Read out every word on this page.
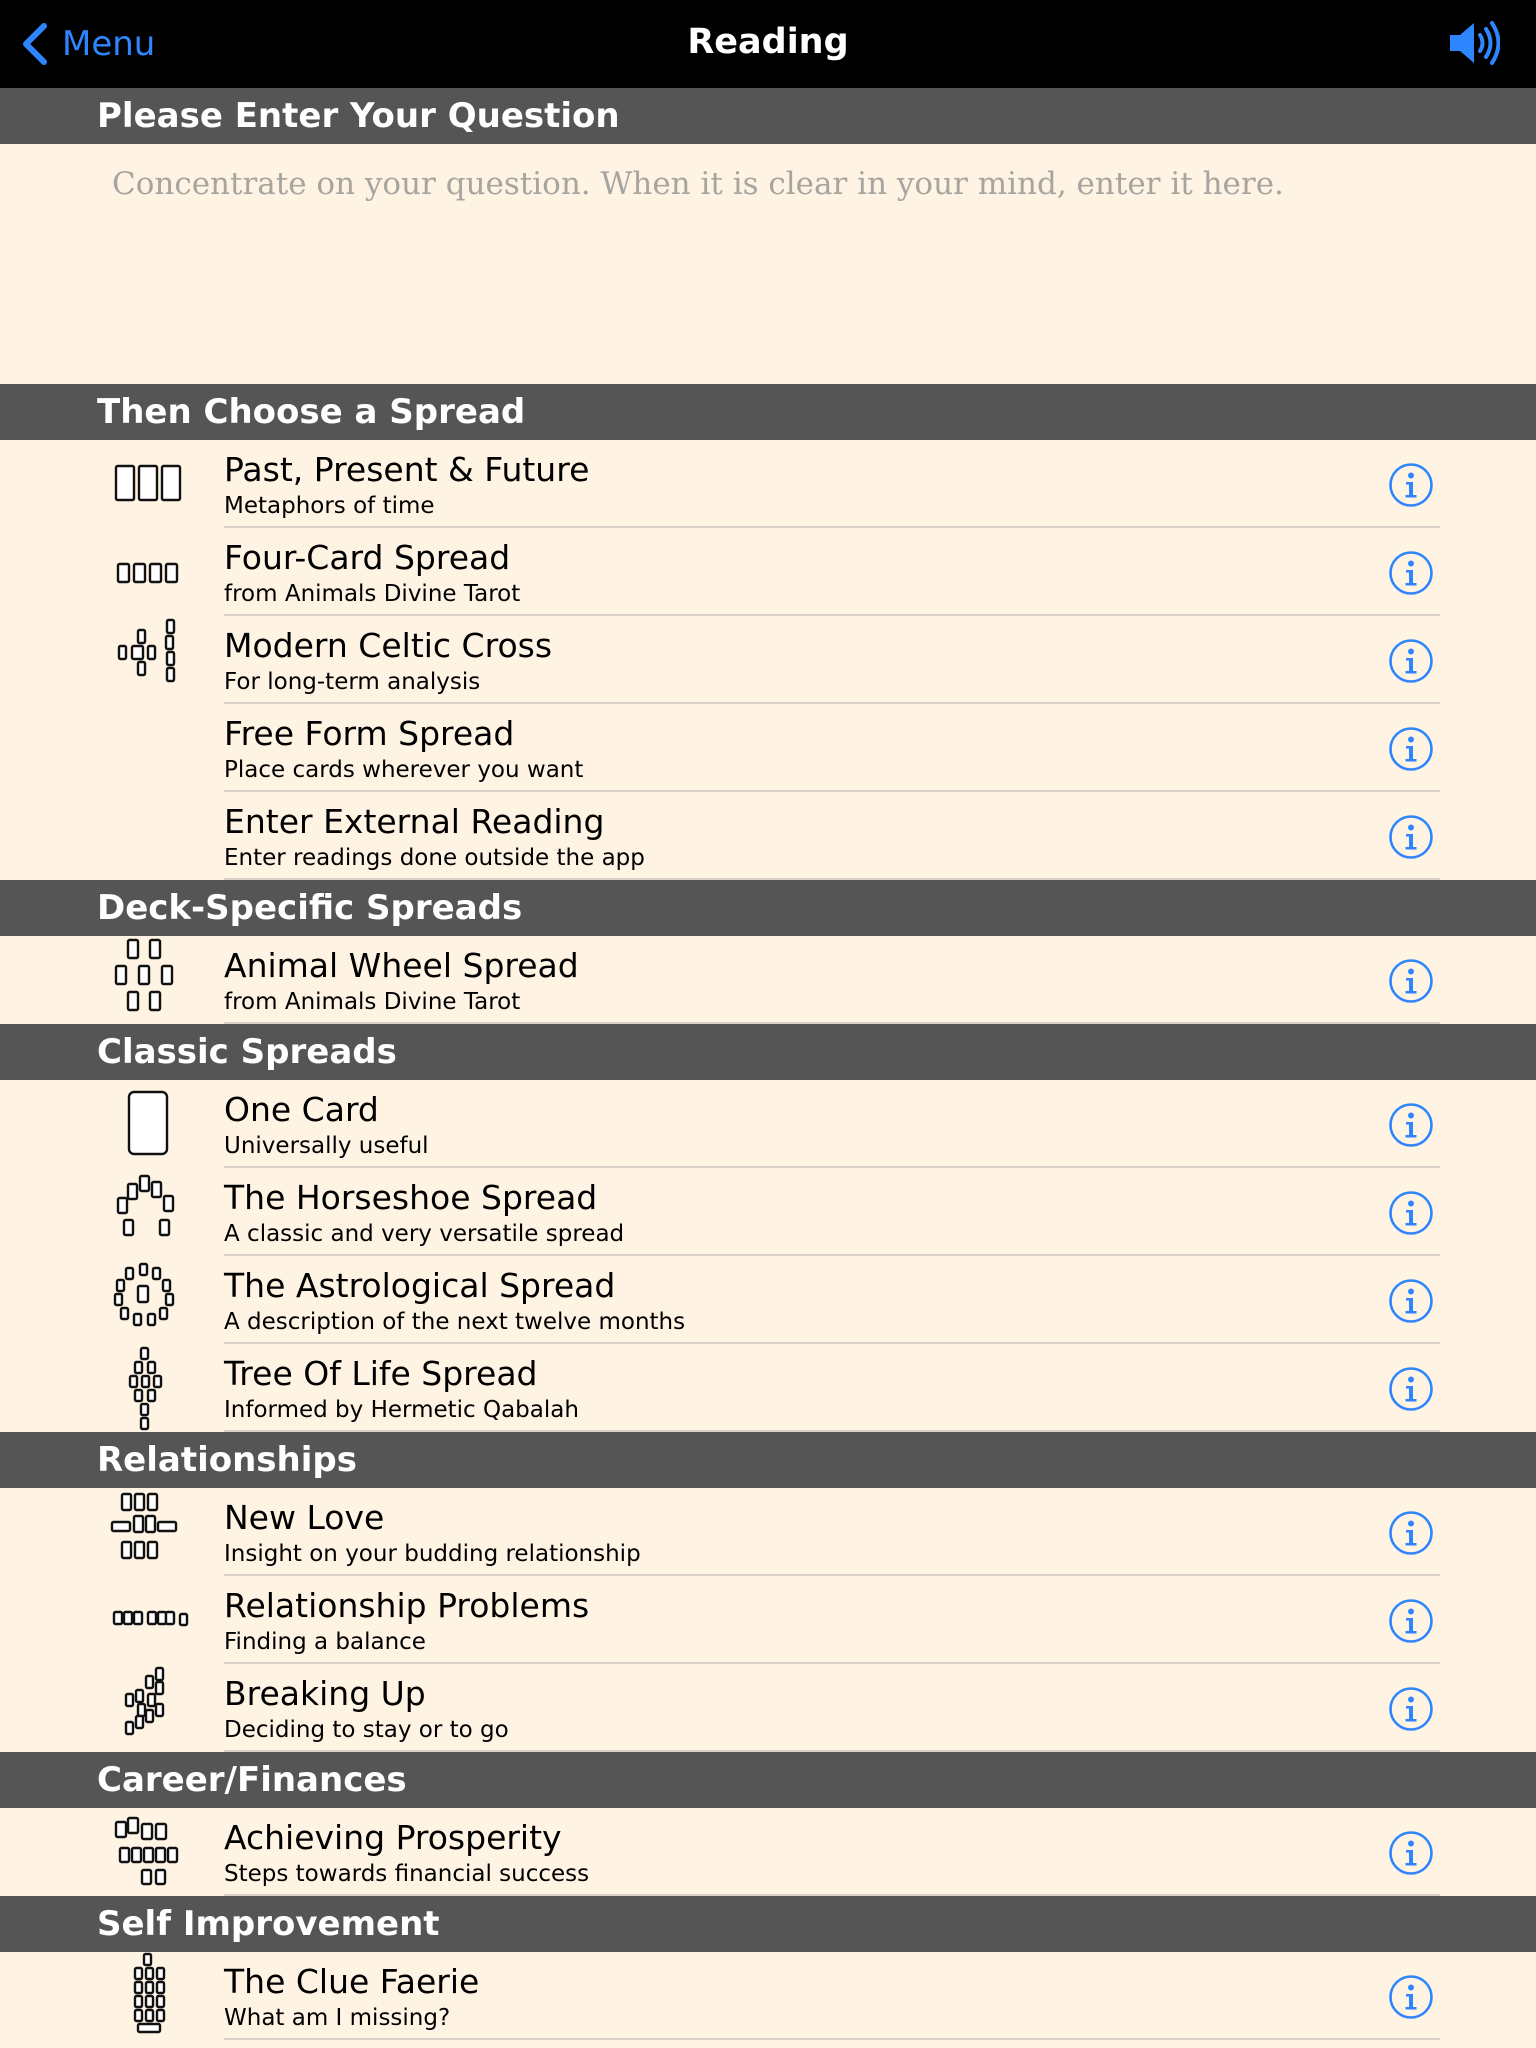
Menu	Reading
Please Enter Your Question
Concentrate on your question. When it is clear in your mind, enter it here.
Then Choose a Spread
Past, Present & Future
Metaphors of time
Four-Card Spread
from Animals Divine Tarot
Modern Celtic Cross
For long-term analysis
Free Form Spread
Place cards wherever you want
Enter External Reading
Enter readings done outside the app
Deck-Specific Spreads
Animal Wheel Spread
from Animals Divine Tarot
Classic Spreads
One Card
Universally useful
The Horseshoe Spread
A classic and very versatile spread
The Astrological Spread
A description of the next twelve months
Tree Of Life Spread
Informed by Hermetic Qabalah
Relationships
New Love
Insight on your budding relationship
Relationship Problems
Finding a balance
Breaking Up
Deciding to stay or to go
Career/Finances
Achieving Prosperity
Steps towards financial success
Self Improvement
The Clue Faerie
What am I missing?
